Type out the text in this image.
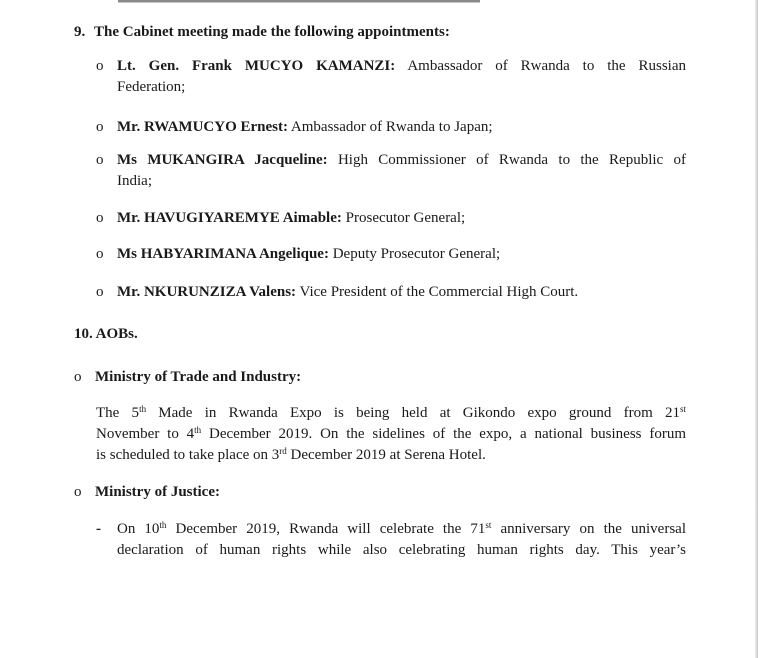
9. The Cabinet meeting made the following appointments:
o Lt. Gen. Frank MUCYO KAMANZI: Ambassador of Rwanda to the Russian
Federation;
o Mr. RWAMUCYO Ernest: Ambassador of Rwanda to Japan;
o Ms MUKANGIRA Jacqueline: High Commissioner of Rwanda to the Republic of
India;
o Mr. HAVUGIYAREMYE Aimable: Prosecutor General;
o Ms HABYARIMANA Angelique: Deputy Prosecutor General;
o Mr. NKURUNZIZA Valens: Vice President of the Commercial High Court.
10. AOBs.
o Ministry of Trade and Industry:
The 5th Made in Rwanda Expo is being held at Gikondo expo ground from 21st
November to 4th December 2019. On the sidelines of the expo, a national business forum
is scheduled to take place on 3rd December 2019 at Serena Hotel.
o Ministry of Justice:
- On 10th December 2019, Rwanda will celebrate the 71st anniversary on the universal
declaration of human rights while also celebrating human rights day. This year’s
